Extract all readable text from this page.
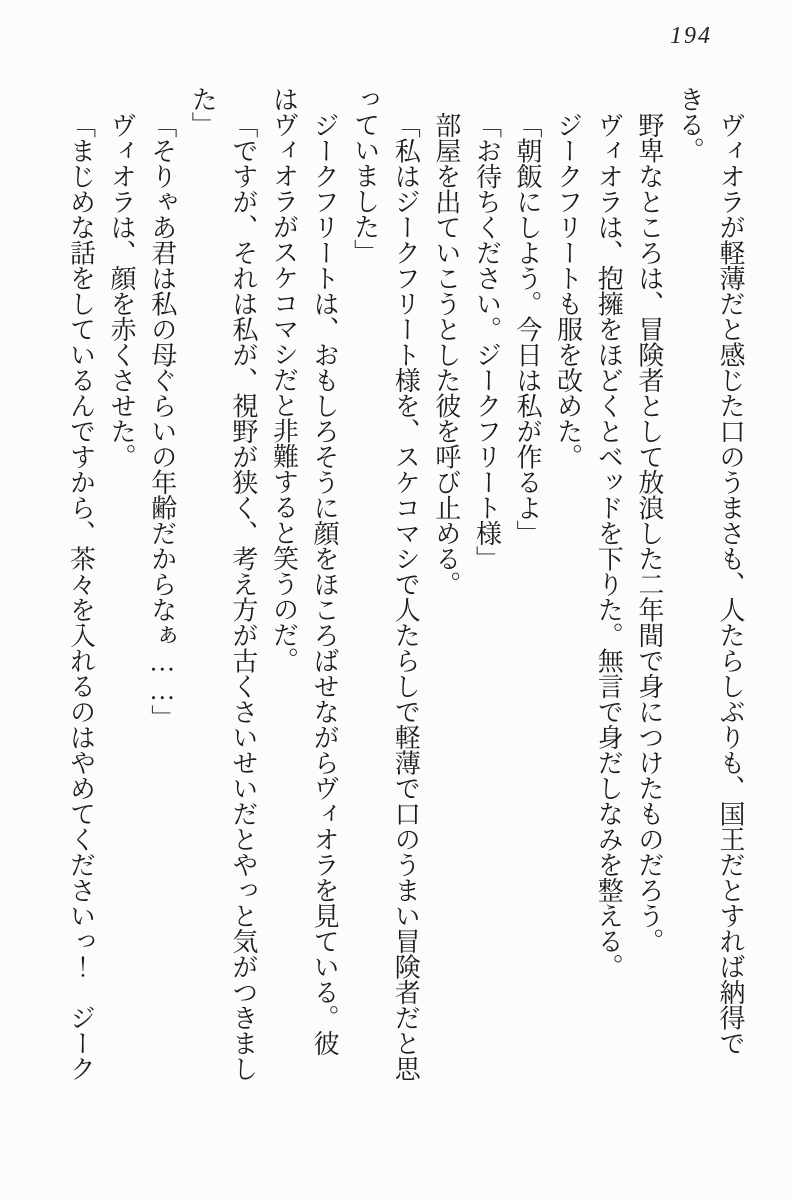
194
ヴィオラが軽薄だと感じた口のうまさも、人たらしぶりも、国王だとすれば納得で
きる。
野卑なところは、冒険者として放浪した二年間で身につけたものだろう。
ヴィオラは、抱擁をほどくとベッドを下りた。無言で身だしなみを整える。
ジークフリートも服を改めた。
「朝飯にしよう。今日は私が作るよ」
「お待ちください。ジークフリート様」
部屋を出ていこうとした彼を呼び止める。
「私はジークフリート様を、スケコマシで人たらしで軽薄で口のうまい冒険者だと思
っていました」
ジークフリートは、おもしろそうに顔をほころばせながらヴィオラを見ている。彼
はヴィオラがスケコマシだと非難すると笑うのだ。
「ですが、それは私が、視野が狭く、考え方が古くさいせいだとやっと気がつきまし
た」
「そりゃあ君は私の母ぐらいの年齢だからなぁ……」
ヴィオラは、顔を赤くさせた。
「まじめな話をしているんですから、茶々を入れるのはやめてくださいっ！　ジーク
